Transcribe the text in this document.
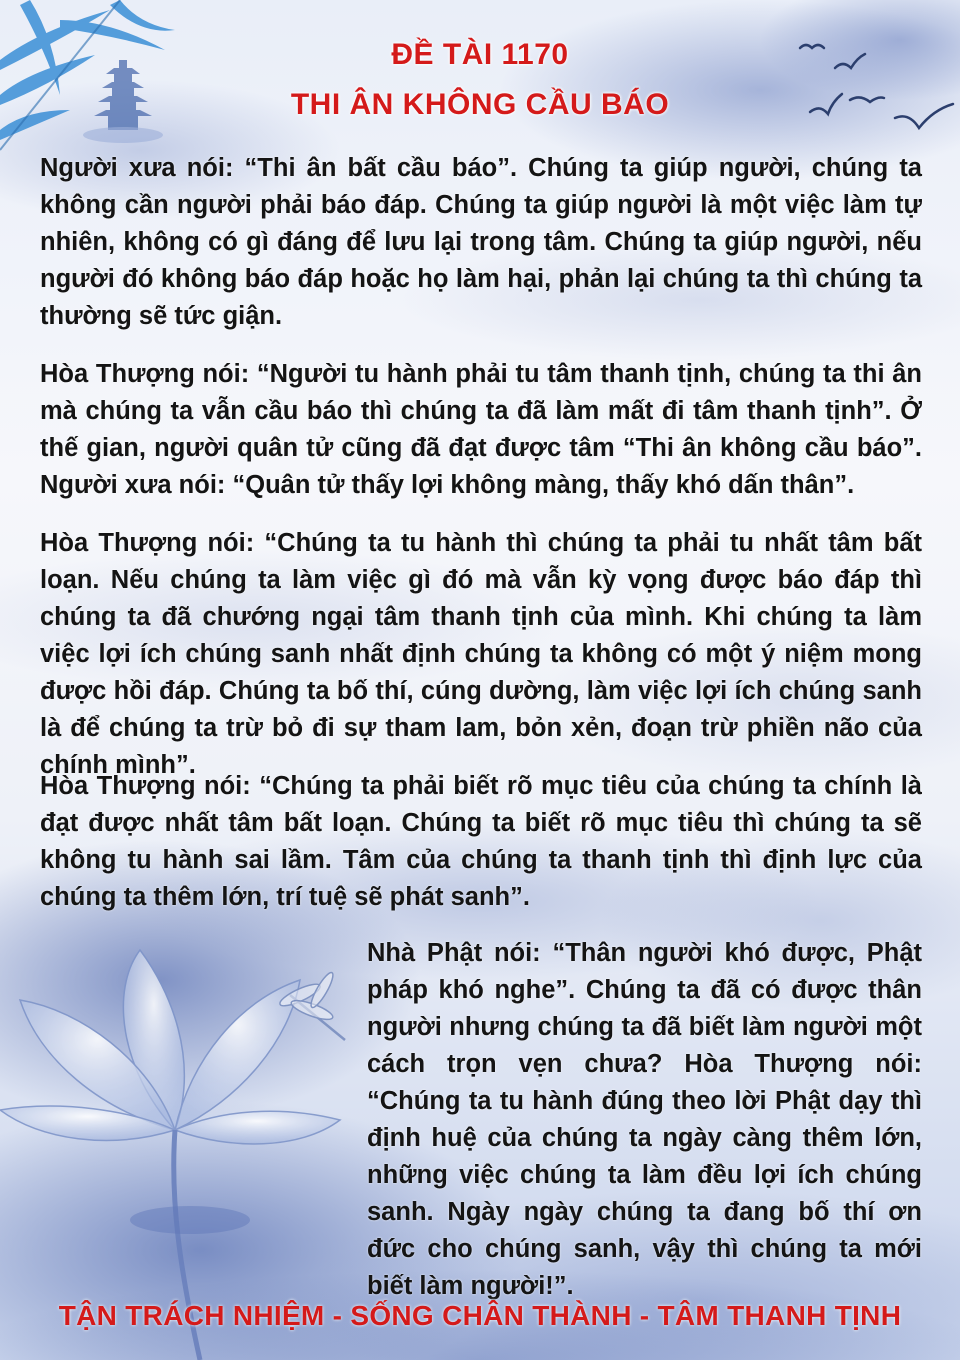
ĐỀ TÀI 1170
THI ÂN KHÔNG CẦU BÁO

Người xưa nói: “Thi ân bất cầu báo”. Chúng ta giúp người, chúng ta không cần người phải báo đáp. Chúng ta giúp người là một việc làm tự nhiên, không có gì đáng để lưu lại trong tâm. Chúng ta giúp người, nếu người đó không báo đáp hoặc họ làm hại, phản lại chúng ta thì chúng ta thường sẽ tức giận.

Hòa Thượng nói: “Người tu hành phải tu tâm thanh tịnh, chúng ta thi ân mà chúng ta vẫn cầu báo thì chúng ta đã làm mất đi tâm thanh tịnh”. Ở thế gian, người quân tử cũng đã đạt được tâm “Thi ân không cầu báo”. Người xưa nói: “Quân tử thấy lợi không màng, thấy khó dấn thân”.

Hòa Thượng nói: “Chúng ta tu hành thì chúng ta phải tu nhất tâm bất loạn. Nếu chúng ta làm việc gì đó mà vẫn kỳ vọng được báo đáp thì chúng ta đã chướng ngại tâm thanh tịnh của mình. Khi chúng ta làm việc lợi ích chúng sanh nhất định chúng ta không có một ý niệm mong được hồi đáp. Chúng ta bố thí, cúng dường, làm việc lợi ích chúng sanh là để chúng ta trừ bỏ đi sự tham lam, bỏn xẻn, đoạn trừ phiền não của chính mình”.

Hòa Thượng nói: “Chúng ta phải biết rõ mục tiêu của chúng ta chính là đạt được nhất tâm bất loạn. Chúng ta biết rõ mục tiêu thì chúng ta sẽ không tu hành sai lầm. Tâm của chúng ta thanh tịnh thì định lực của chúng ta thêm lớn, trí tuệ sẽ phát sanh”.

Nhà Phật nói: “Thân người khó được, Phật pháp khó nghe”. Chúng ta đã có được thân người nhưng chúng ta đã biết làm người một cách trọn vẹn chưa? Hòa Thượng nói: “Chúng ta tu hành đúng theo lời Phật dạy thì định huệ của chúng ta ngày càng thêm lớn, những việc chúng ta làm đều lợi ích chúng sanh. Ngày ngày chúng ta đang bố thí ơn đức cho chúng sanh, vậy thì chúng ta mới biết làm người!”.

TẬN TRÁCH NHIỆM - SỐNG CHÂN THÀNH - TÂM THANH TỊNH
